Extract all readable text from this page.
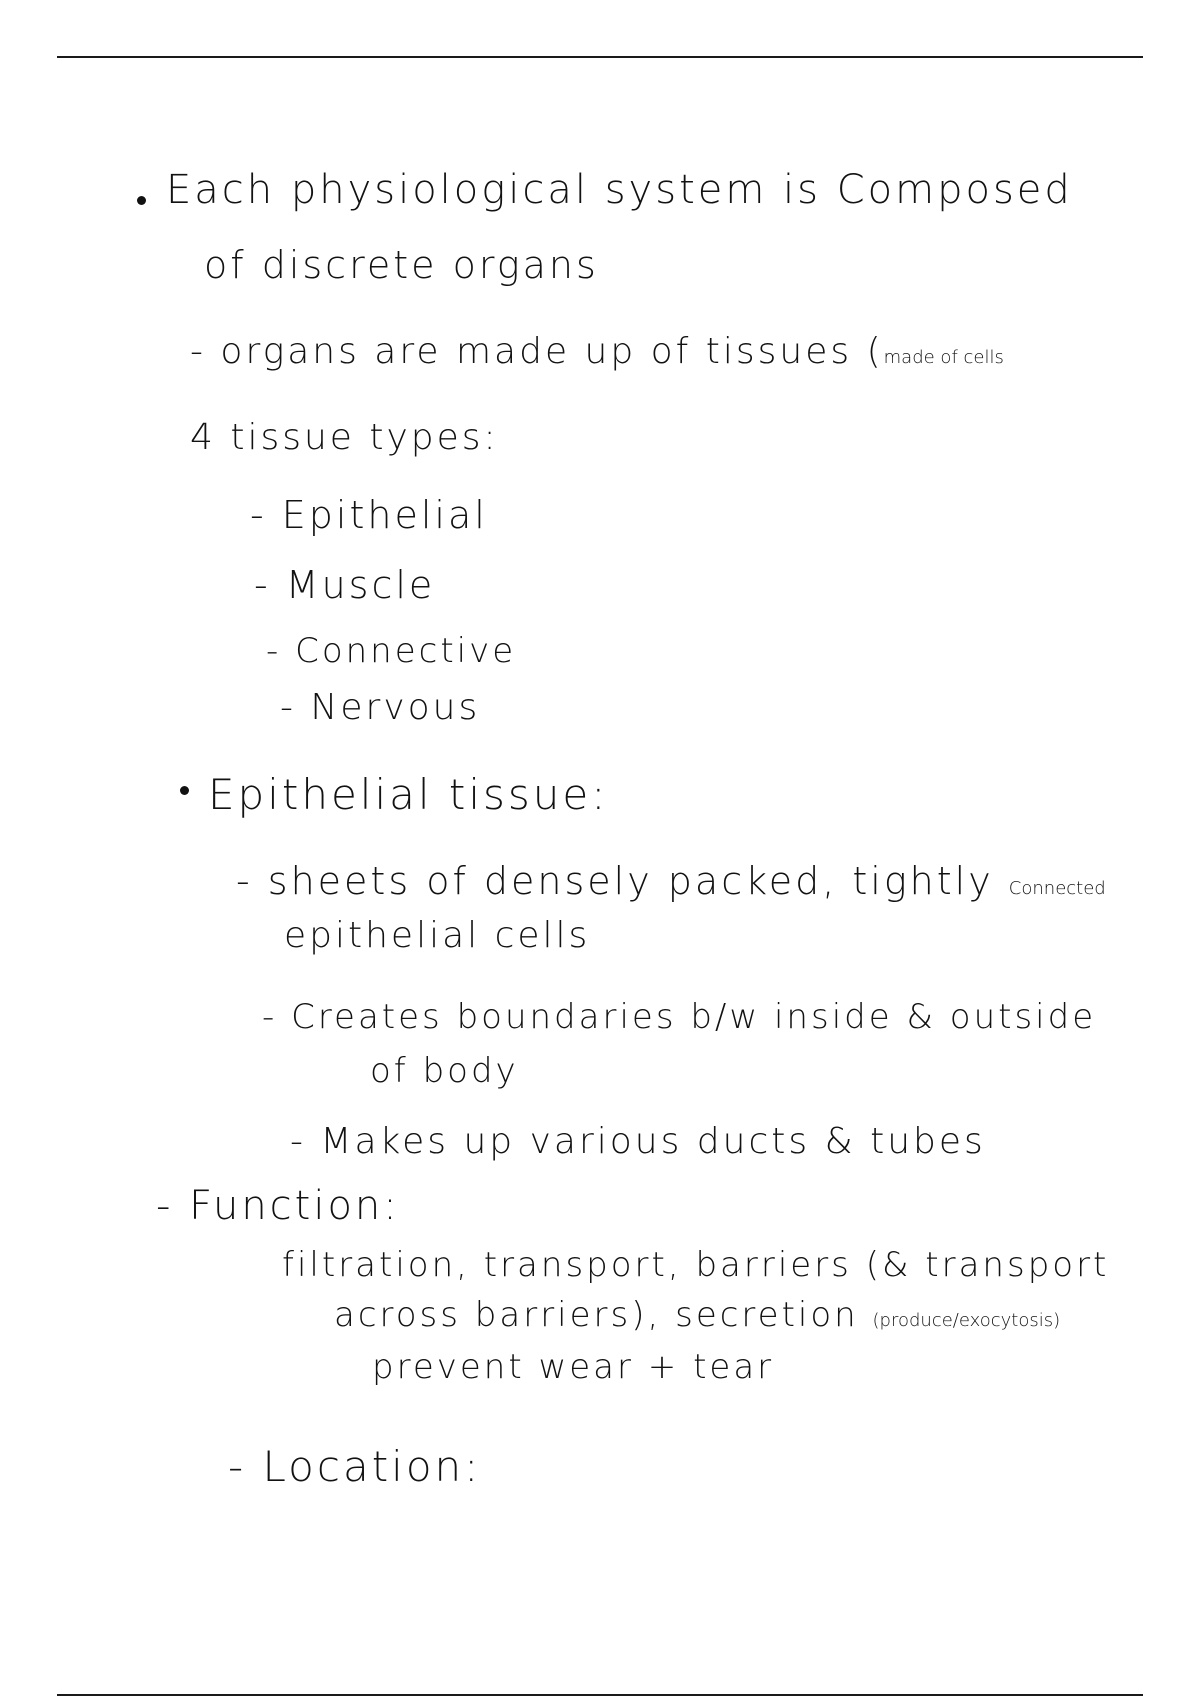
Each physiological system is Composed
of discrete organs
- organs are made up of tissues (made of cells
4 tissue types:
- Epithelial
- Muscle
- Connective
- Nervous
Epithelial tissue:
- sheets of densely packed, tightly Connected
epithelial cells
- Creates boundaries b/w inside & outside
of body
- Makes up various ducts & tubes
- Function:
filtration, transport, barriers (& transport
across barriers), secretion (produce/exocytosis)
prevent wear + tear
- Location:
